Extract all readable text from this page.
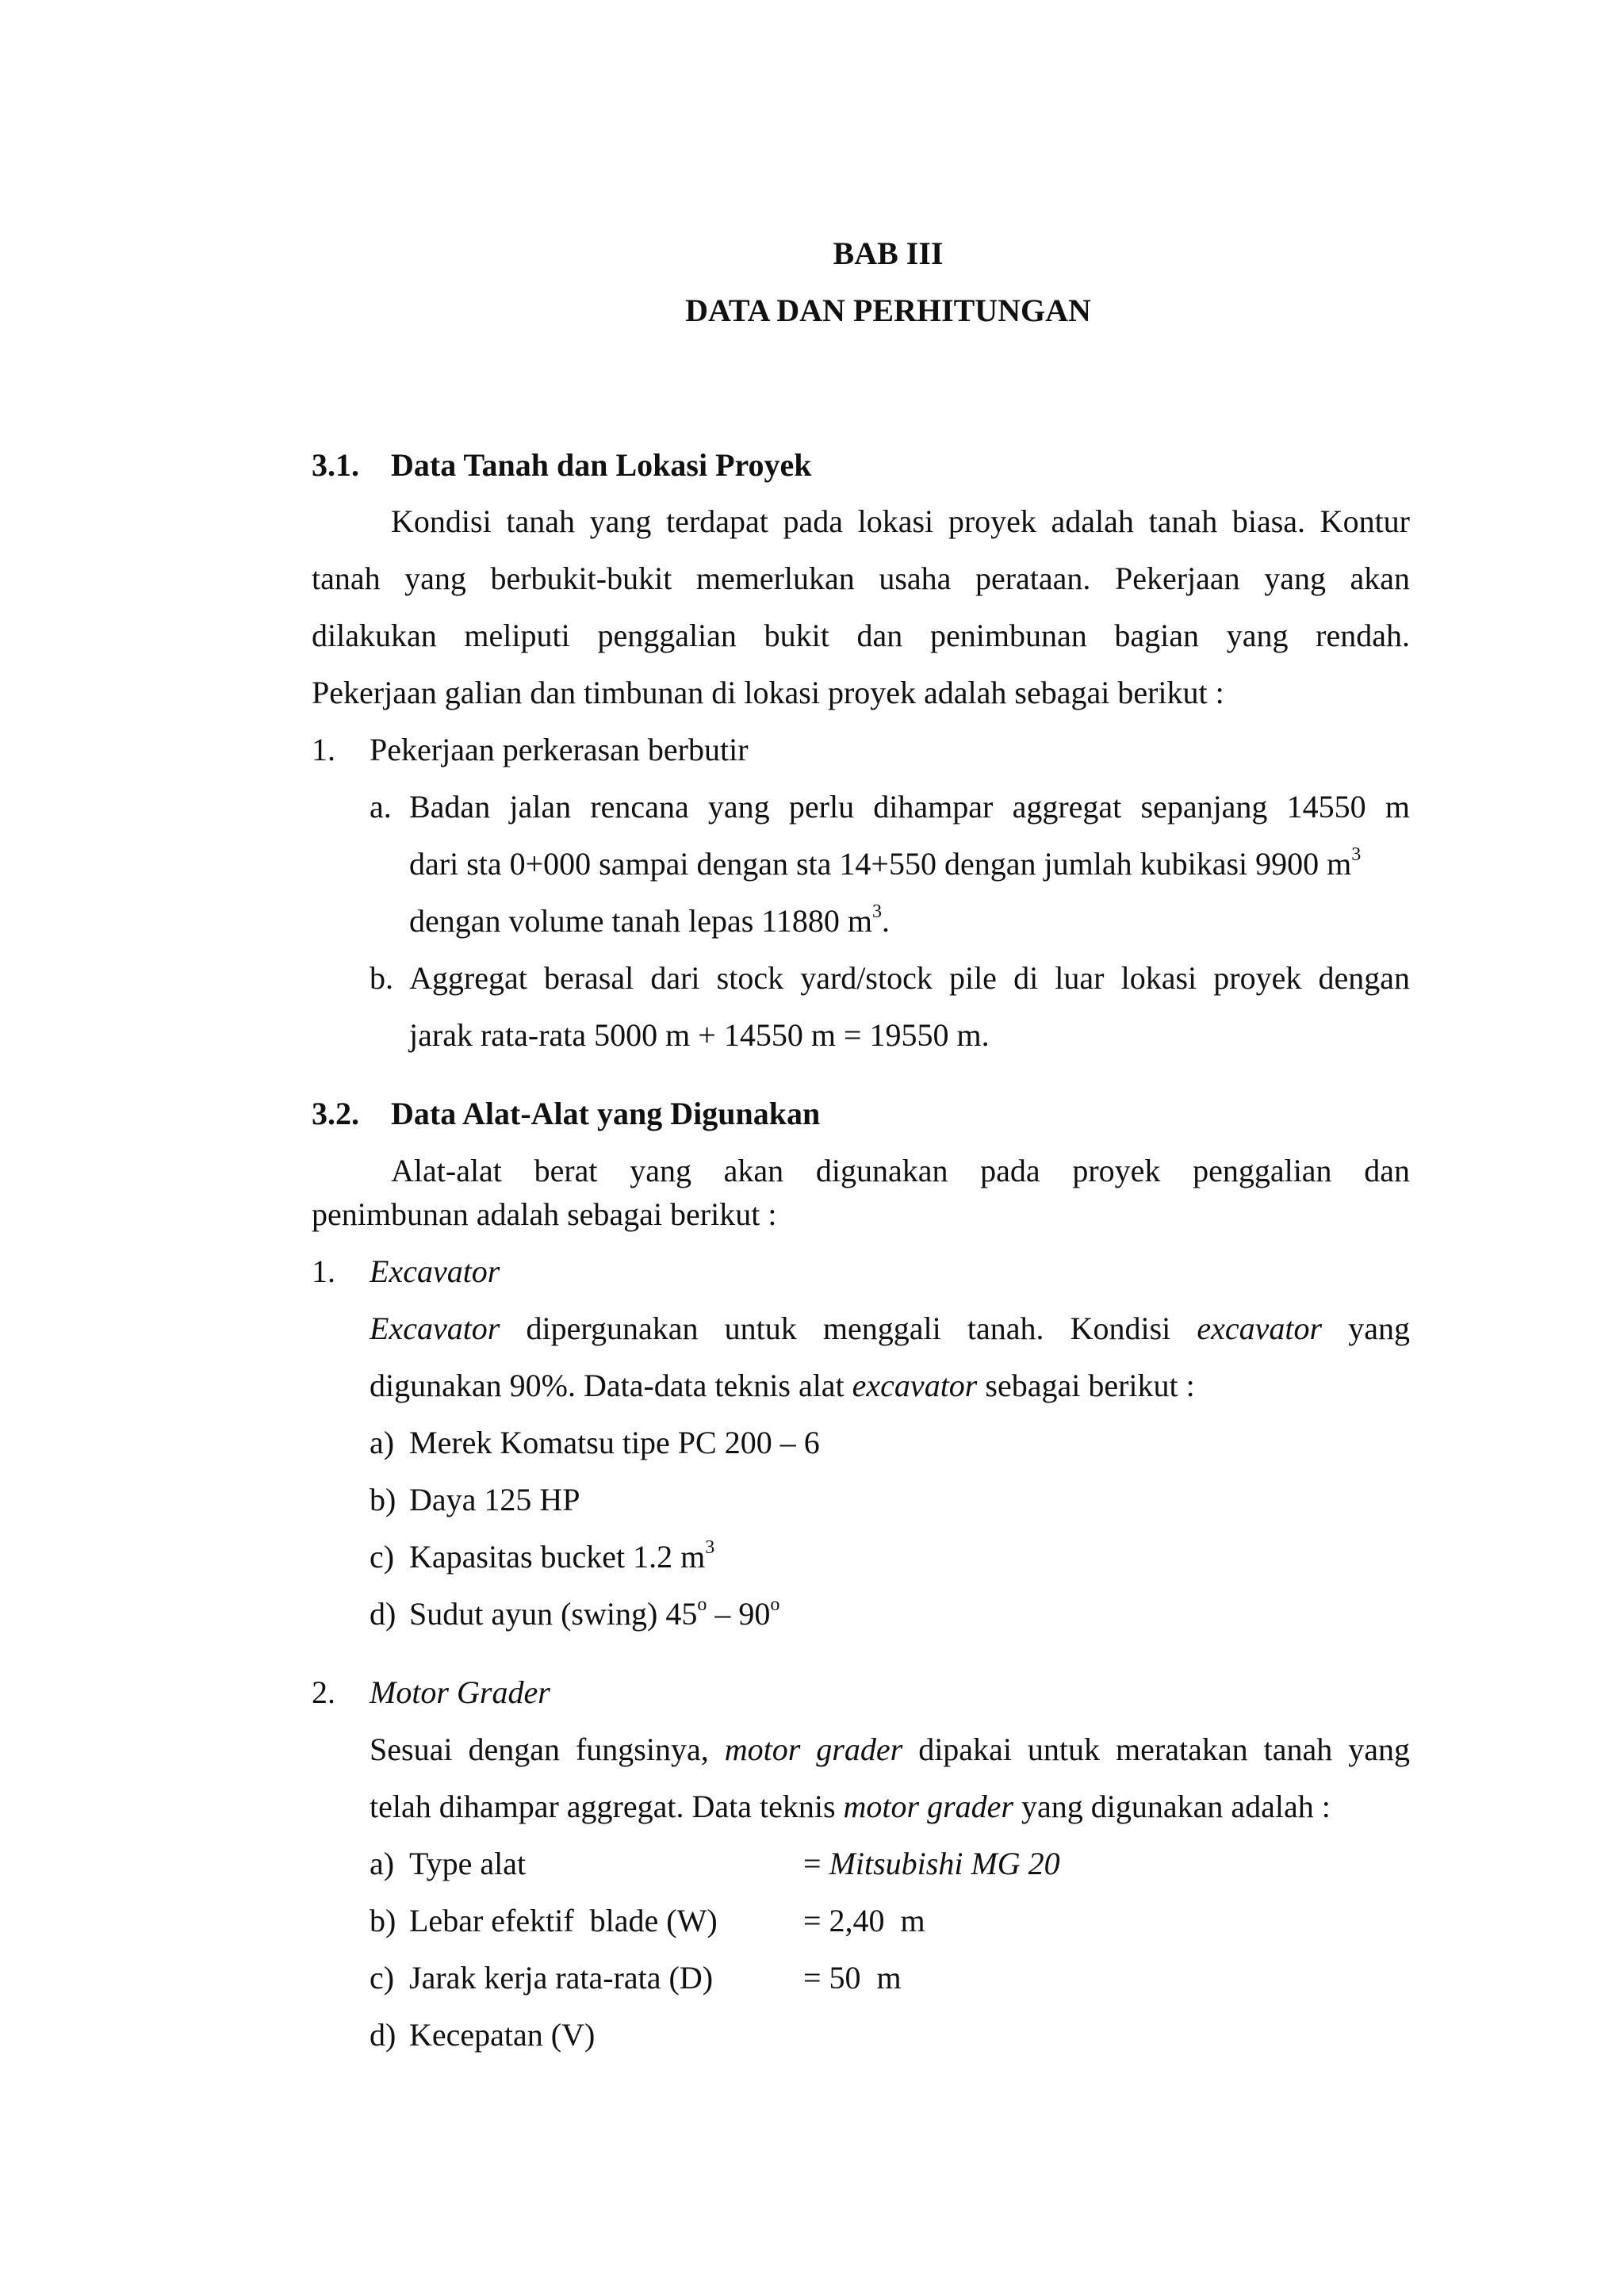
BAB III
DATA DAN PERHITUNGAN
3.1. Data Tanah dan Lokasi Proyek
Kondisi tanah yang terdapat pada lokasi proyek adalah tanah biasa. Kontur
tanah yang berbukit-bukit memerlukan usaha perataan. Pekerjaan yang akan
dilakukan meliputi penggalian bukit dan penimbunan bagian yang rendah.
Pekerjaan galian dan timbunan di lokasi proyek adalah sebagai berikut :
1. Pekerjaan perkerasan berbutir
a. Badan jalan rencana yang perlu dihampar aggregat sepanjang 14550 m
dari sta 0+000 sampai dengan sta 14+550 dengan jumlah kubikasi 9900 $m^3$
dengan volume tanah lepas 11880 $m^3$.
b. Aggregat berasal dari stock yard/stock pile di luar lokasi proyek dengan
jarak rata-rata 5000 m + 14550 m = 19550 m.
3.2. Data Alat-Alat yang Digunakan
Alat-alat berat yang akan digunakan pada proyek penggalian dan
penimbunan adalah sebagai berikut :
1. Excavator
Excavator dipergunakan untuk menggali tanah. Kondisi excavator yang
digunakan 90%. Data-data teknis alat excavator sebagai berikut :
a) Merek Komatsu tipe PC 200 – 6
b) Daya 125 HP
c) Kapasitas bucket 1.2 $m^3$
d) Sudut ayun (swing) 45$^o$ – 90$^o$
2. Motor Grader
Sesuai dengan fungsinya, motor grader dipakai untuk meratakan tanah yang
telah dihampar aggregat. Data teknis motor grader yang digunakan adalah :
a) Type alat	= Mitsubishi MG 20
b) Lebar efektif  blade (W)	= 2,40  m
c) Jarak kerja rata-rata (D)	= 50  m
d) Kecepatan (V)
